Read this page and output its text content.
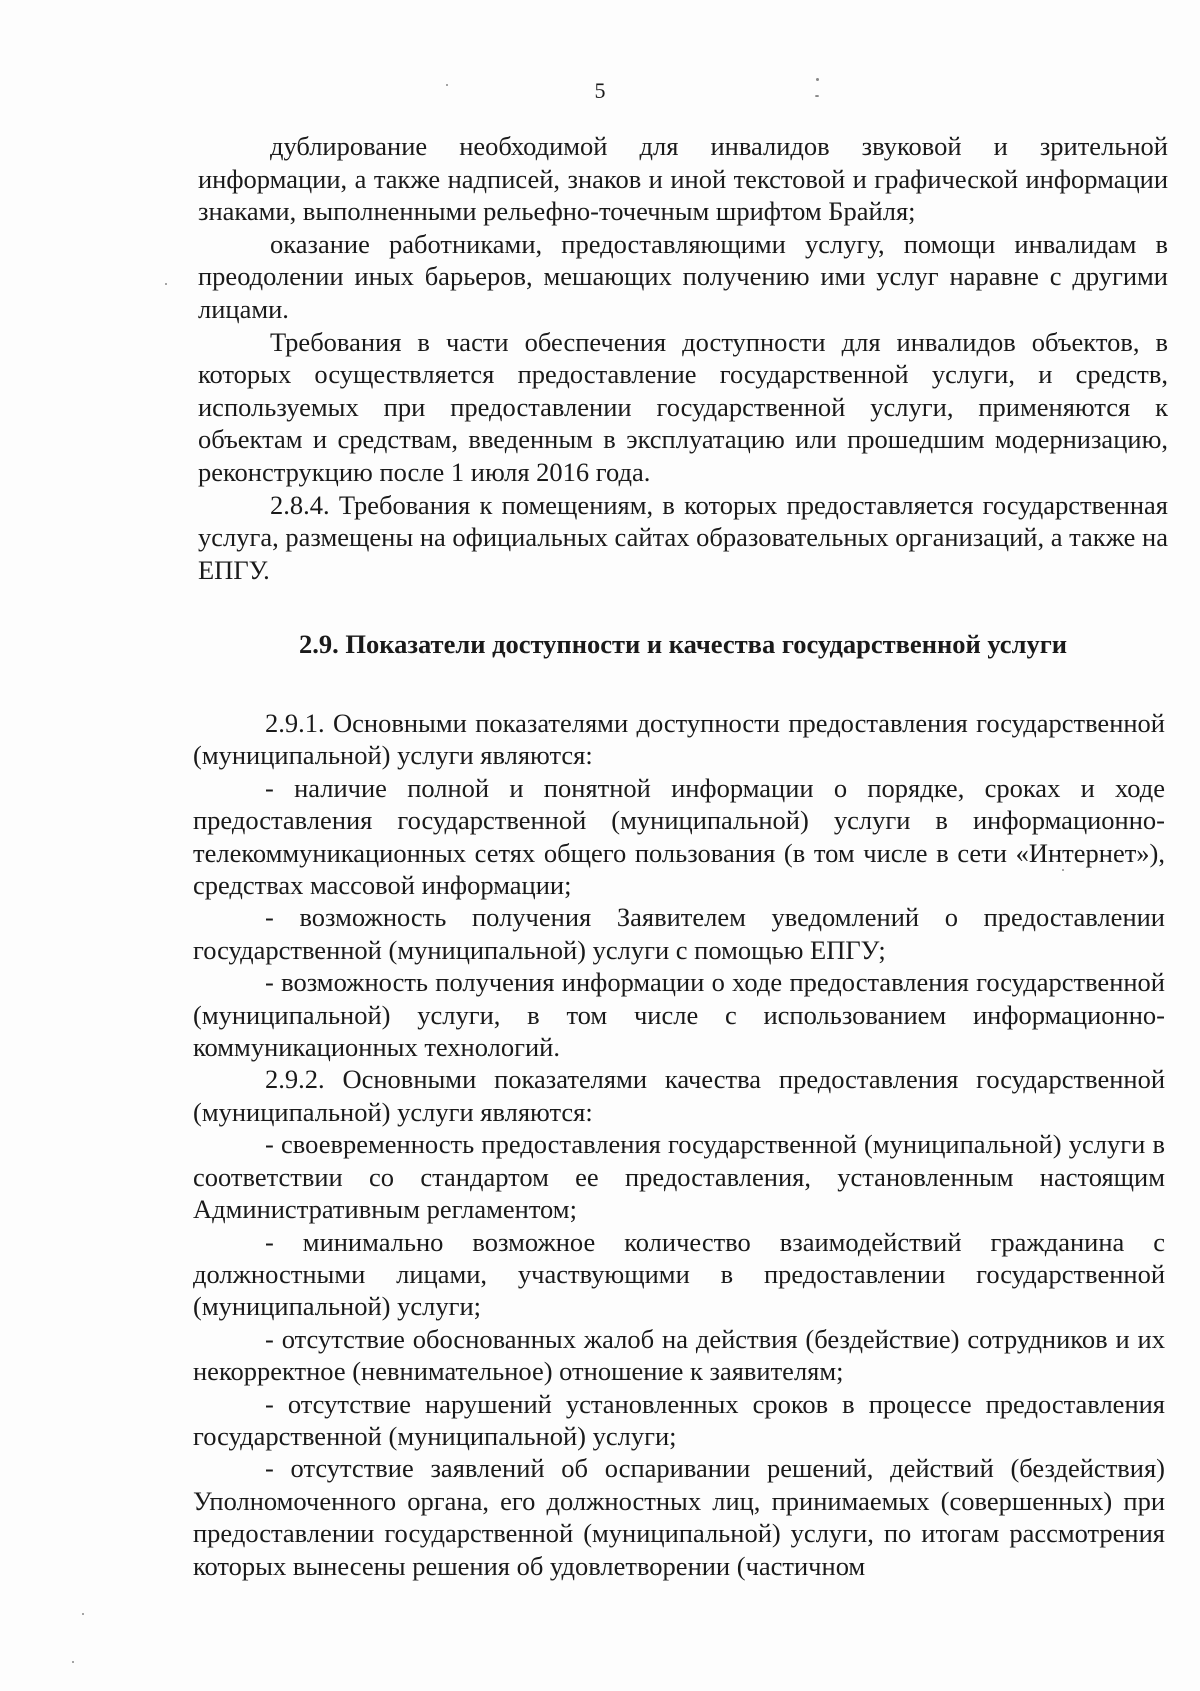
5

дублирование необходимой для инвалидов звуковой и зрительной информации, а также надписей, знаков и иной текстовой и графической информации знаками, выполненными рельефно-точечным шрифтом Брайля;

оказание работниками, предоставляющими услугу, помощи инвалидам в преодолении иных барьеров, мешающих получению ими услуг наравне с другими лицами.

Требования в части обеспечения доступности для инвалидов объектов, в которых осуществляется предоставление государственной услуги, и средств, используемых при предоставлении государственной услуги, применяются к объектам и средствам, введенным в эксплуатацию или прошедшим модернизацию, реконструкцию после 1 июля 2016 года.

2.8.4. Требования к помещениям, в которых предоставляется государственная услуга, размещены на официальных сайтах образовательных организаций, а также на ЕПГУ.

2.9. Показатели доступности и качества государственной услуги

2.9.1. Основными показателями доступности предоставления государственной (муниципальной) услуги являются:

- наличие полной и понятной информации о порядке, сроках и ходе предоставления государственной (муниципальной) услуги в информационно-телекоммуникационных сетях общего пользования (в том числе в сети «Интернет»), средствах массовой информации;

- возможность получения Заявителем уведомлений о предоставлении государственной (муниципальной) услуги с помощью ЕПГУ;

- возможность получения информации о ходе предоставления государственной (муниципальной) услуги, в том числе с использованием информационно-коммуникационных технологий.

2.9.2. Основными показателями качества предоставления государственной (муниципальной) услуги являются:

- своевременность предоставления государственной (муниципальной) услуги в соответствии со стандартом ее предоставления, установленным настоящим Административным регламентом;

- минимально возможное количество взаимодействий гражданина с должностными лицами, участвующими в предоставлении государственной (муниципальной) услуги;

- отсутствие обоснованных жалоб на действия (бездействие) сотрудников и их некорректное (невнимательное) отношение к заявителям;

- отсутствие нарушений установленных сроков в процессе предоставления государственной (муниципальной) услуги;

- отсутствие заявлений об оспаривании решений, действий (бездействия) Уполномоченного органа, его должностных лиц, принимаемых (совершенных) при предоставлении государственной (муниципальной) услуги, по итогам рассмотрения которых вынесены решения об удовлетворении (частичном
